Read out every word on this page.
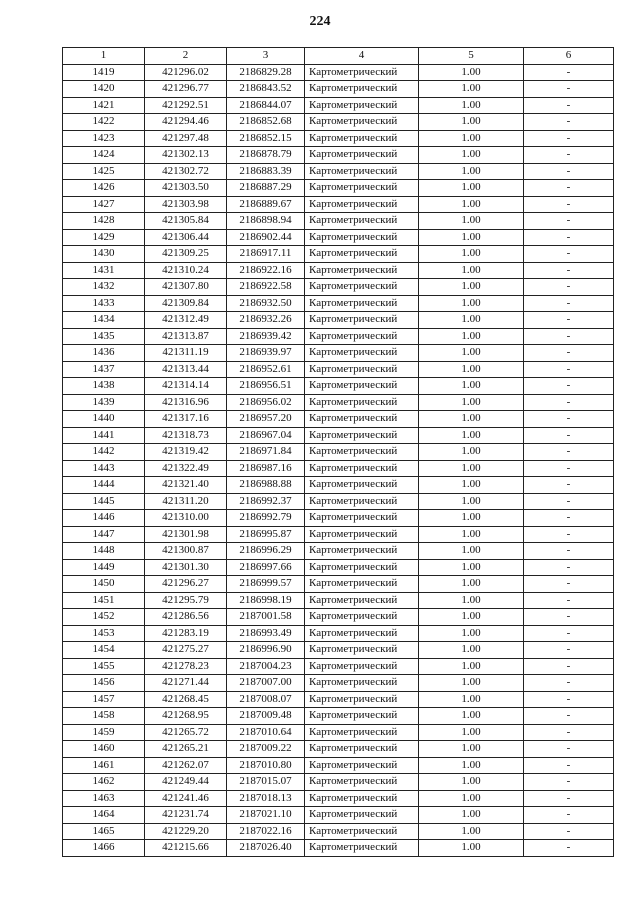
224
1	2	3	4	5	6
1419	421296.02	2186829.28	Картометрический	1.00	-
1420	421296.77	2186843.52	Картометрический	1.00	-
1421	421292.51	2186844.07	Картометрический	1.00	-
1422	421294.46	2186852.68	Картометрический	1.00	-
1423	421297.48	2186852.15	Картометрический	1.00	-
1424	421302.13	2186878.79	Картометрический	1.00	-
1425	421302.72	2186883.39	Картометрический	1.00	-
1426	421303.50	2186887.29	Картометрический	1.00	-
1427	421303.98	2186889.67	Картометрический	1.00	-
1428	421305.84	2186898.94	Картометрический	1.00	-
1429	421306.44	2186902.44	Картометрический	1.00	-
1430	421309.25	2186917.11	Картометрический	1.00	-
1431	421310.24	2186922.16	Картометрический	1.00	-
1432	421307.80	2186922.58	Картометрический	1.00	-
1433	421309.84	2186932.50	Картометрический	1.00	-
1434	421312.49	2186932.26	Картометрический	1.00	-
1435	421313.87	2186939.42	Картометрический	1.00	-
1436	421311.19	2186939.97	Картометрический	1.00	-
1437	421313.44	2186952.61	Картометрический	1.00	-
1438	421314.14	2186956.51	Картометрический	1.00	-
1439	421316.96	2186956.02	Картометрический	1.00	-
1440	421317.16	2186957.20	Картометрический	1.00	-
1441	421318.73	2186967.04	Картометрический	1.00	-
1442	421319.42	2186971.84	Картометрический	1.00	-
1443	421322.49	2186987.16	Картометрический	1.00	-
1444	421321.40	2186988.88	Картометрический	1.00	-
1445	421311.20	2186992.37	Картометрический	1.00	-
1446	421310.00	2186992.79	Картометрический	1.00	-
1447	421301.98	2186995.87	Картометрический	1.00	-
1448	421300.87	2186996.29	Картометрический	1.00	-
1449	421301.30	2186997.66	Картометрический	1.00	-
1450	421296.27	2186999.57	Картометрический	1.00	-
1451	421295.79	2186998.19	Картометрический	1.00	-
1452	421286.56	2187001.58	Картометрический	1.00	-
1453	421283.19	2186993.49	Картометрический	1.00	-
1454	421275.27	2186996.90	Картометрический	1.00	-
1455	421278.23	2187004.23	Картометрический	1.00	-
1456	421271.44	2187007.00	Картометрический	1.00	-
1457	421268.45	2187008.07	Картометрический	1.00	-
1458	421268.95	2187009.48	Картометрический	1.00	-
1459	421265.72	2187010.64	Картометрический	1.00	-
1460	421265.21	2187009.22	Картометрический	1.00	-
1461	421262.07	2187010.80	Картометрический	1.00	-
1462	421249.44	2187015.07	Картометрический	1.00	-
1463	421241.46	2187018.13	Картометрический	1.00	-
1464	421231.74	2187021.10	Картометрический	1.00	-
1465	421229.20	2187022.16	Картометрический	1.00	-
1466	421215.66	2187026.40	Картометрический	1.00	-
